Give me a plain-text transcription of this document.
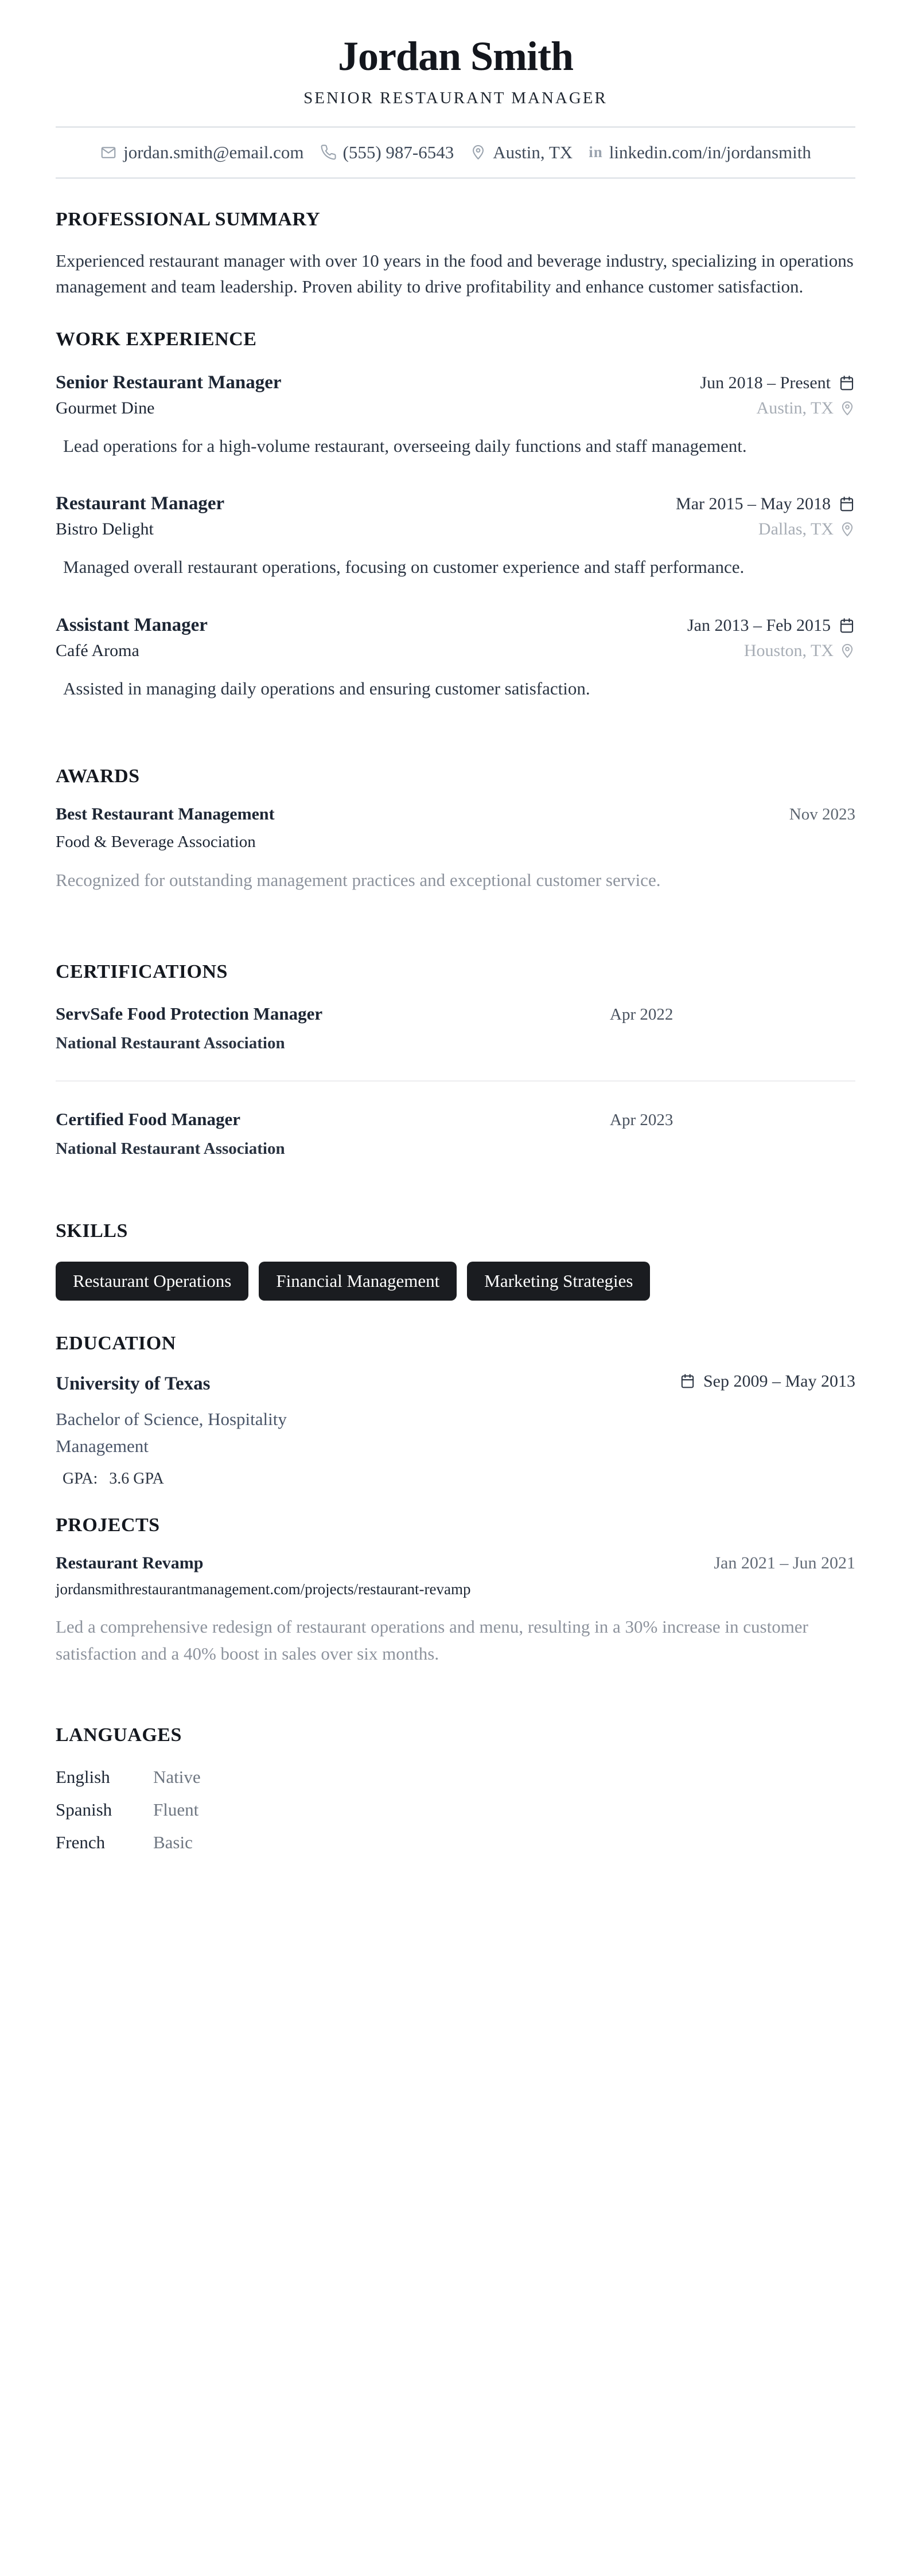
Jordan Smith
SENIOR RESTAURANT MANAGER
jordan.smith@email.com (555) 987-6543 Austin, TX in linkedin.com/in/jordansmith
PROFESSIONAL SUMMARY

Experienced restaurant manager with over 10 years in the food and beverage industry, specializing in operations management and team leadership. Proven ability to drive profitability and enhance customer satisfaction.

WORK EXPERIENCE
Senior Restaurant Manager	Jun 2018 – Present
Gourmet Dine	Austin, TX

Lead operations for a high-volume restaurant, overseeing daily functions and staff management.

Restaurant Manager	Mar 2015 – May 2018
Bistro Delight	Dallas, TX

Managed overall restaurant operations, focusing on customer experience and staff performance.

Assistant Manager	Jan 2013 – Feb 2015
Café Aroma	Houston, TX

Assisted in managing daily operations and ensuring customer satisfaction.

AWARDS
Best Restaurant Management	Nov 2023
Food & Beverage Association

Recognized for outstanding management practices and exceptional customer service.

CERTIFICATIONS
ServSafe Food Protection Manager	Apr 2022
National Restaurant Association
Certified Food Manager	Apr 2023
National Restaurant Association
SKILLS
Restaurant Operations	Financial Management	Marketing Strategies
EDUCATION
University of Texas	Sep 2009 – May 2013
Bachelor of Science, Hospitality Management
GPA: 3.6 GPA
PROJECTS
Restaurant Revamp	Jan 2021 – Jun 2021
jordansmithrestaurantmanagement.com/projects/restaurant-revamp

Led a comprehensive redesign of restaurant operations and menu, resulting in a 30% increase in customer satisfaction and a 40% boost in sales over six months.

LANGUAGES
English	Native
Spanish	Fluent
French	Basic
